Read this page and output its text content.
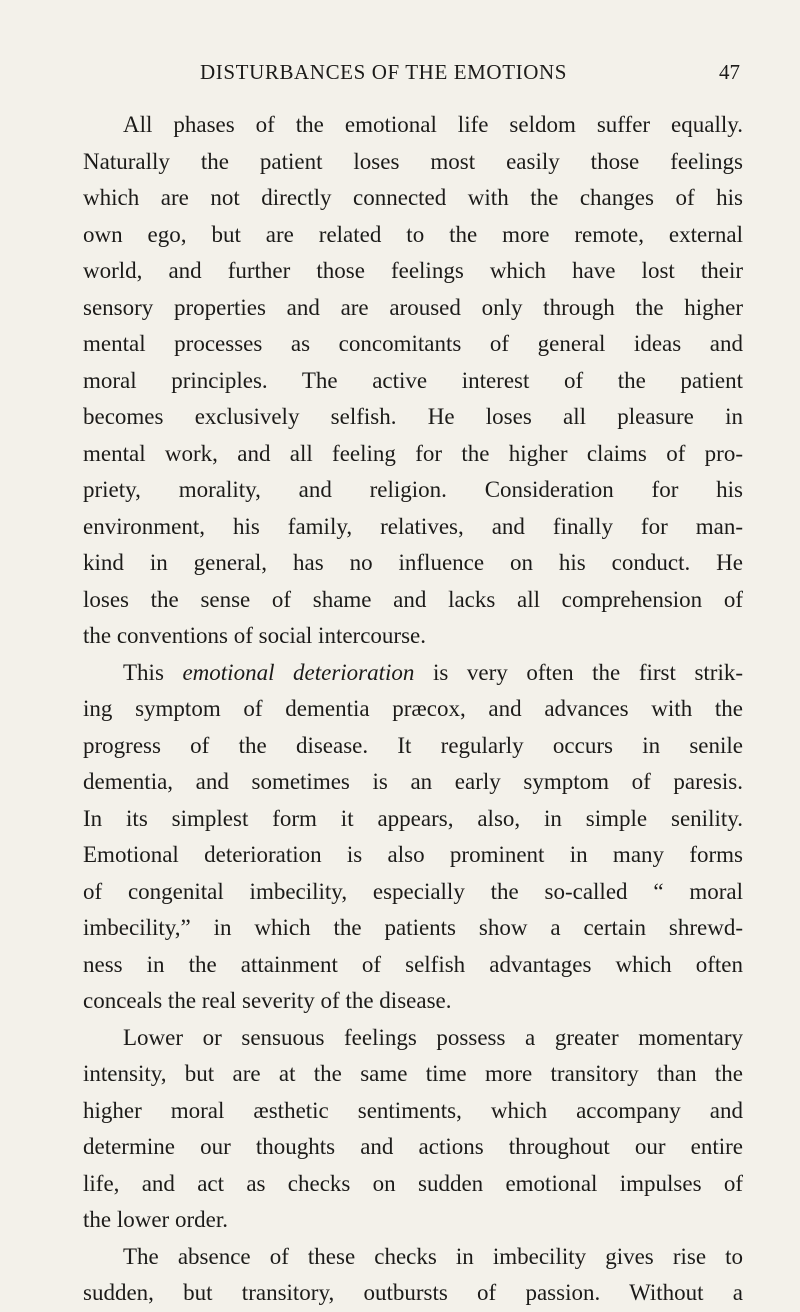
DISTURBANCES OF THE EMOTIONS	47
All phases of the emotional life seldom suffer equally.
Naturally the patient loses most easily those feelings
which are not directly connected with the changes of his
own ego, but are related to the more remote, external
world, and further those feelings which have lost their
sensory properties and are aroused only through the higher
mental processes as concomitants of general ideas and
moral principles. The active interest of the patient
becomes exclusively selfish. He loses all pleasure in
mental work, and all feeling for the higher claims of pro-
priety, morality, and religion. Consideration for his
environment, his family, relatives, and finally for man-
kind in general, has no influence on his conduct. He
loses the sense of shame and lacks all comprehension of
the conventions of social intercourse.
This emotional deterioration is very often the first strik-
ing symptom of dementia præcox, and advances with the
progress of the disease. It regularly occurs in senile
dementia, and sometimes is an early symptom of paresis.
In its simplest form it appears, also, in simple senility.
Emotional deterioration is also prominent in many forms
of congenital imbecility, especially the so-called “ moral
imbecility,” in which the patients show a certain shrewd-
ness in the attainment of selfish advantages which often
conceals the real severity of the disease.
Lower or sensuous feelings possess a greater momentary
intensity, but are at the same time more transitory than the
higher moral æsthetic sentiments, which accompany and
determine our thoughts and actions throughout our entire
life, and act as checks on sudden emotional impulses of
the lower order.
The absence of these checks in imbecility gives rise to
sudden, but transitory, outbursts of passion. Without a
